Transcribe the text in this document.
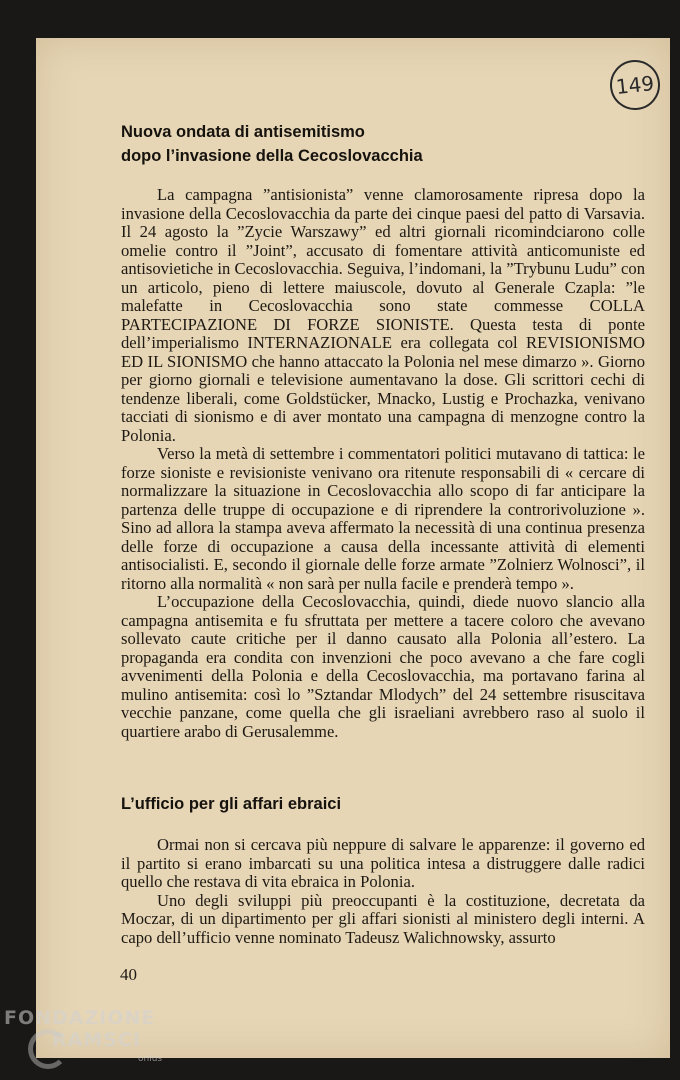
149
Nuova ondata di antisemitismo
dopo l’invasione della Cecoslovacchia

La campagna ”antisionista” venne clamorosamente ripresa dopo la invasione della Cecoslovacchia da parte dei cinque paesi del patto di Varsavia. Il 24 agosto la ”Zycie Warszawy” ed altri giornali ricomindciarono colle omelie contro il ”Joint”, accusato di fomentare attività anticomuniste ed antisovietiche in Cecoslovacchia. Seguiva, l’indomani, la ”Trybunu Ludu” con un articolo, pieno di lettere maiuscole, dovuto al Generale Czapla: ”le malefatte in Cecoslovacchia sono state commesse COLLA PARTECIPAZIONE DI FORZE SIONISTE. Questa testa di ponte dell’imperialismo INTERNAZIONALE era collegata col REVISIONISMO ED IL SIONISMO che hanno attaccato la Polonia nel mese dimarzo ». Giorno per giorno giornali e televisione aumentavano la dose. Gli scrittori cechi di tendenze liberali, come Goldstücker, Mnacko, Lustig e Prochazka, venivano tacciati di sionismo e di aver montato una campagna di menzogne contro la Polonia.

Verso la metà di settembre i commentatori politici mutavano di tattica: le forze sioniste e revisioniste venivano ora ritenute responsabili di « cercare di normalizzare la situazione in Cecoslovacchia allo scopo di far anticipare la partenza delle truppe di occupazione e di riprendere la controrivoluzione ». Sino ad allora la stampa aveva affermato la necessità di una continua presenza delle forze di occupazione a causa della incessante attività di elementi antisocialisti. E, secondo il giornale delle forze armate ”Zolnierz Wolnosci”, il ritorno alla normalità « non sarà per nulla facile e prenderà tempo ».

L’occupazione della Cecoslovacchia, quindi, diede nuovo slancio alla campagna antisemita e fu sfruttata per mettere a tacere coloro che avevano sollevato caute critiche per il danno causato alla Polonia all’estero. La propaganda era condita con invenzioni che poco avevano a che fare cogli avvenimenti della Polonia e della Cecoslovacchia, ma portavano farina al mulino antisemita: così lo ”Sztandar Mlodych” del 24 settembre risuscitava vecchie panzane, come quella che gli israeliani avrebbero raso al suolo il quartiere arabo di Gerusalemme.

L’ufficio per gli affari ebraici

Ormai non si cercava più neppure di salvare le apparenze: il governo ed il partito si erano imbarcati su una politica intesa a distruggere dalle radici quello che restava di vita ebraica in Polonia.

Uno degli sviluppi più preoccupanti è la costituzione, decretata da Moczar, di un dipartimento per gli affari sionisti al ministero degli interni. A capo dell’ufficio venne nominato Tadeusz Walichnowsky, assurto

40
FONDAZIONE
RAMSCI
onlus
